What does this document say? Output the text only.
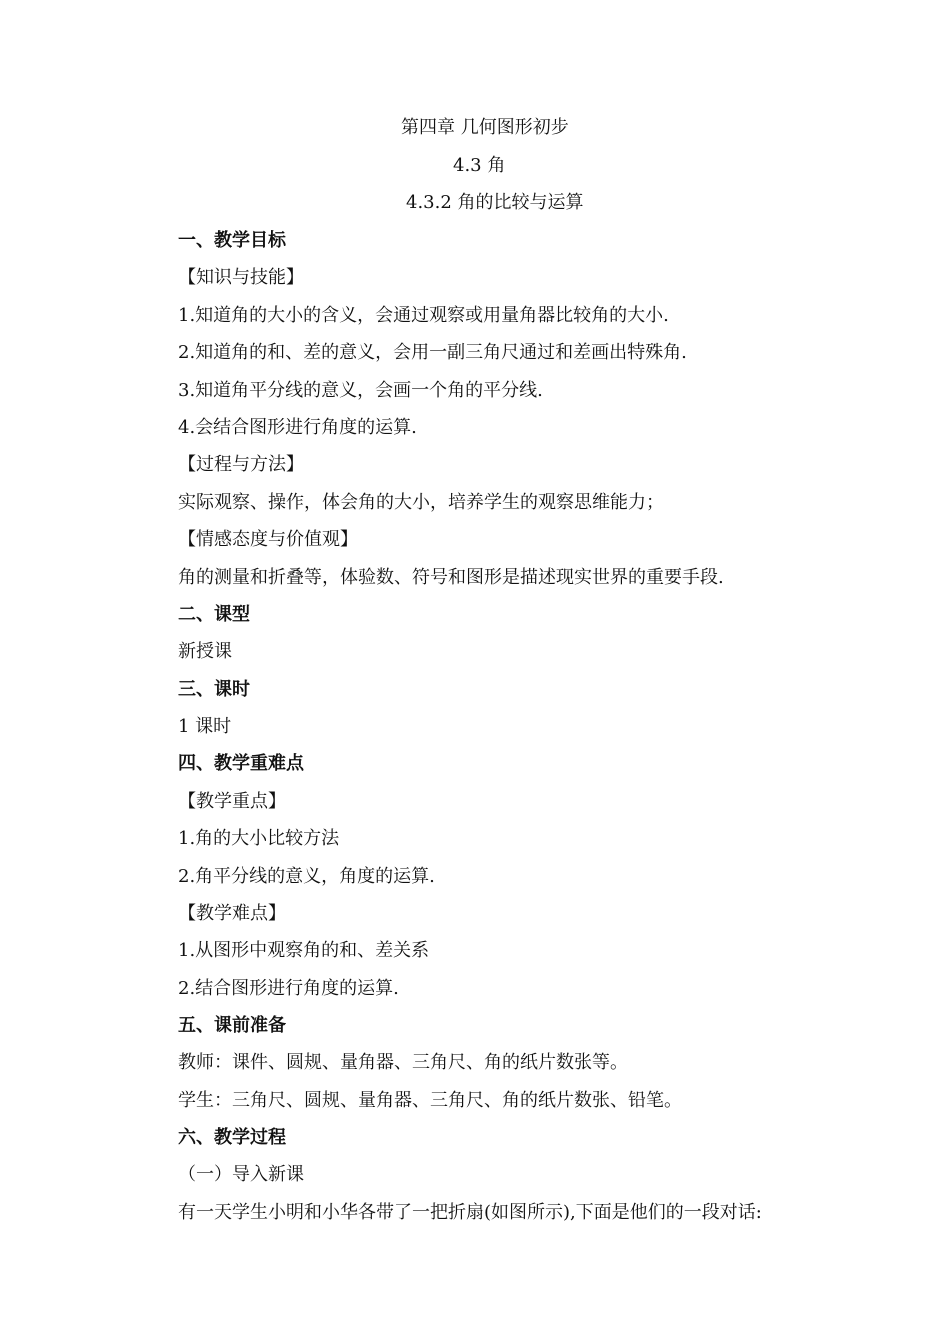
第四章 几何图形初步
4.3 角
4.3.2 角的比较与运算
一、教学目标
【知识与技能】
1.知道角的大小的含义，会通过观察或用量角器比较角的大小.
2.知道角的和、差的意义，会用一副三角尺通过和差画出特殊角.
3.知道角平分线的意义，会画一个角的平分线.
4.会结合图形进行角度的运算.
【过程与方法】
实际观察、操作，体会角的大小，培养学生的观察思维能力；
【情感态度与价值观】
角的测量和折叠等，体验数、符号和图形是描述现实世界的重要手段.
二、课型
新授课
三、课时
1 课时
四、教学重难点
【教学重点】
1.角的大小比较方法
2.角平分线的意义，角度的运算.
【教学难点】
1.从图形中观察角的和、差关系
2.结合图形进行角度的运算.
五、课前准备
教师：课件、圆规、量角器、三角尺、角的纸片数张等。
学生：三角尺、圆规、量角器、三角尺、角的纸片数张、铅笔。
六、教学过程
（一）导入新课
有一天学生小明和小华各带了一把折扇(如图所示),下面是他们的一段对话:
